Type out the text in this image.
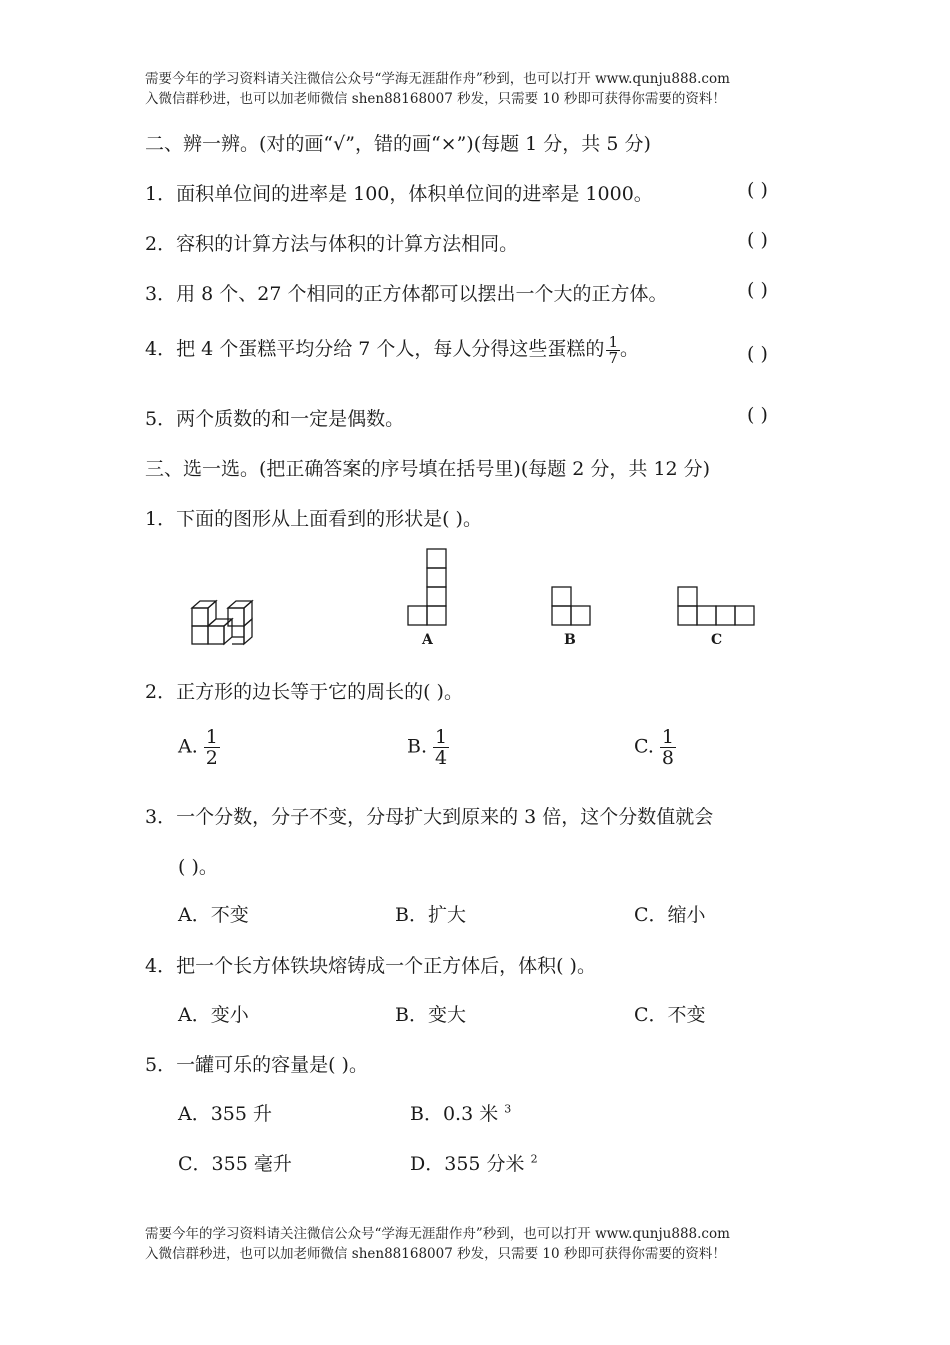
需要今年的学习资料请关注微信公众号“学海无涯甜作舟”秒到，也可以打开 www.qunju888.com
入微信群秒进，也可以加老师微信 shen88168007 秒发，只需要 10 秒即可获得你需要的资料！
二、辨一辨。(对的画“√”，错的画“×”)(每题 1 分，共 5 分)
1．面积单位间的进率是 100，体积单位间的进率是 1000。	( )
2．容积的计算方法与体积的计算方法相同。	( )
3．用 8 个、27 个相同的正方体都可以摆出一个大的正方体。	( )
4．把 4 个蛋糕平均分给 7 个人，每人分得这些蛋糕的 $\frac{1}{7}$ 。	( )
5．两个质数的和一定是偶数。	( )
三、选一选。(把正确答案的序号填在括号里)(每题 2 分，共 12 分)
1．下面的图形从上面看到的形状是( )。
A	B	C
2．正方形的边长等于它的周长的( )。
A. $\frac{1}{2}$	B. $\frac{1}{4}$	C. $\frac{1}{8}$
3．一个分数，分子不变，分母扩大到原来的 3 倍，这个分数值就会
( )。
A．不变	B．扩大	C．缩小
4．把一个长方体铁块熔铸成一个正方体后，体积( )。
A．变小	B．变大	C．不变
5．一罐可乐的容量是( )。
A．355 升	B．0.3 米 $^3$
C．355 毫升	D．355 分米 $^2$
需要今年的学习资料请关注微信公众号“学海无涯甜作舟”秒到，也可以打开 www.qunju888.com
入微信群秒进，也可以加老师微信 shen88168007 秒发，只需要 10 秒即可获得你需要的资料！
